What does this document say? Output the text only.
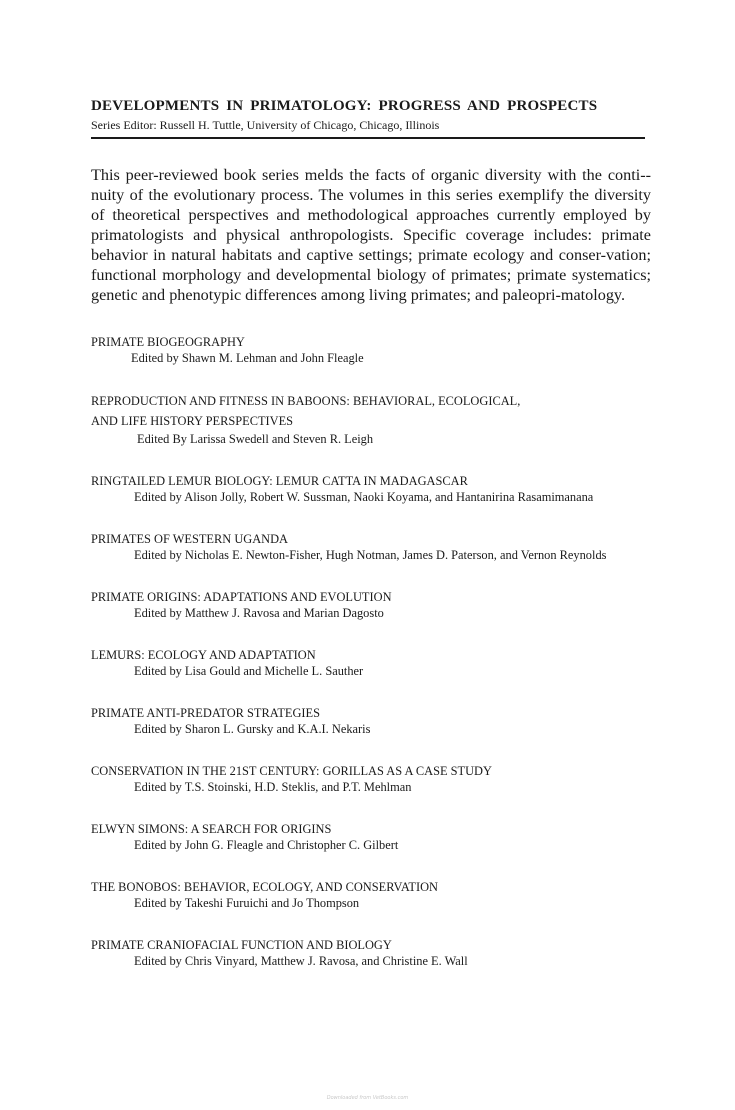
DEVELOPMENTS IN PRIMATOLOGY: PROGRESS AND PROSPECTS

Series Editor: Russell H. Tuttle, University of Chicago, Chicago, Illinois

This peer-reviewed book series melds the facts of organic diversity with the conti-nuity of the evolutionary process. The volumes in this series exemplify the diversity of theoretical perspectives and methodological approaches currently employed by primatologists and physical anthropologists. Specific coverage includes: primate behavior in natural habitats and captive settings; primate ecology and conser-vation; functional morphology and developmental biology of primates; primate systematics; genetic and phenotypic differences among living primates; and paleopri-matology.

PRIMATE BIOGEOGRAPHY
Edited by Shawn M. Lehman and John Fleagle
REPRODUCTION AND FITNESS IN BABOONS: BEHAVIORAL, ECOLOGICAL,
AND LIFE HISTORY PERSPECTIVES
Edited By Larissa Swedell and Steven R. Leigh
RINGTAILED LEMUR BIOLOGY: LEMUR CATTA IN MADAGASCAR
Edited by Alison Jolly, Robert W. Sussman, Naoki Koyama, and Hantanirina Rasamimanana
PRIMATES OF WESTERN UGANDA
Edited by Nicholas E. Newton-Fisher, Hugh Notman, James D. Paterson, and Vernon Reynolds
PRIMATE ORIGINS: ADAPTATIONS AND EVOLUTION
Edited by Matthew J. Ravosa and Marian Dagosto
LEMURS: ECOLOGY AND ADAPTATION
Edited by Lisa Gould and Michelle L. Sauther
PRIMATE ANTI-PREDATOR STRATEGIES
Edited by Sharon L. Gursky and K.A.I. Nekaris
CONSERVATION IN THE 21ST CENTURY: GORILLAS AS A CASE STUDY
Edited by T.S. Stoinski, H.D. Steklis, and P.T. Mehlman
ELWYN SIMONS: A SEARCH FOR ORIGINS
Edited by John G. Fleagle and Christopher C. Gilbert
THE BONOBOS: BEHAVIOR, ECOLOGY, AND CONSERVATION
Edited by Takeshi Furuichi and Jo Thompson
PRIMATE CRANIOFACIAL FUNCTION AND BIOLOGY
Edited by Chris Vinyard, Matthew J. Ravosa, and Christine E. Wall
Downloaded from VetBooks.com
